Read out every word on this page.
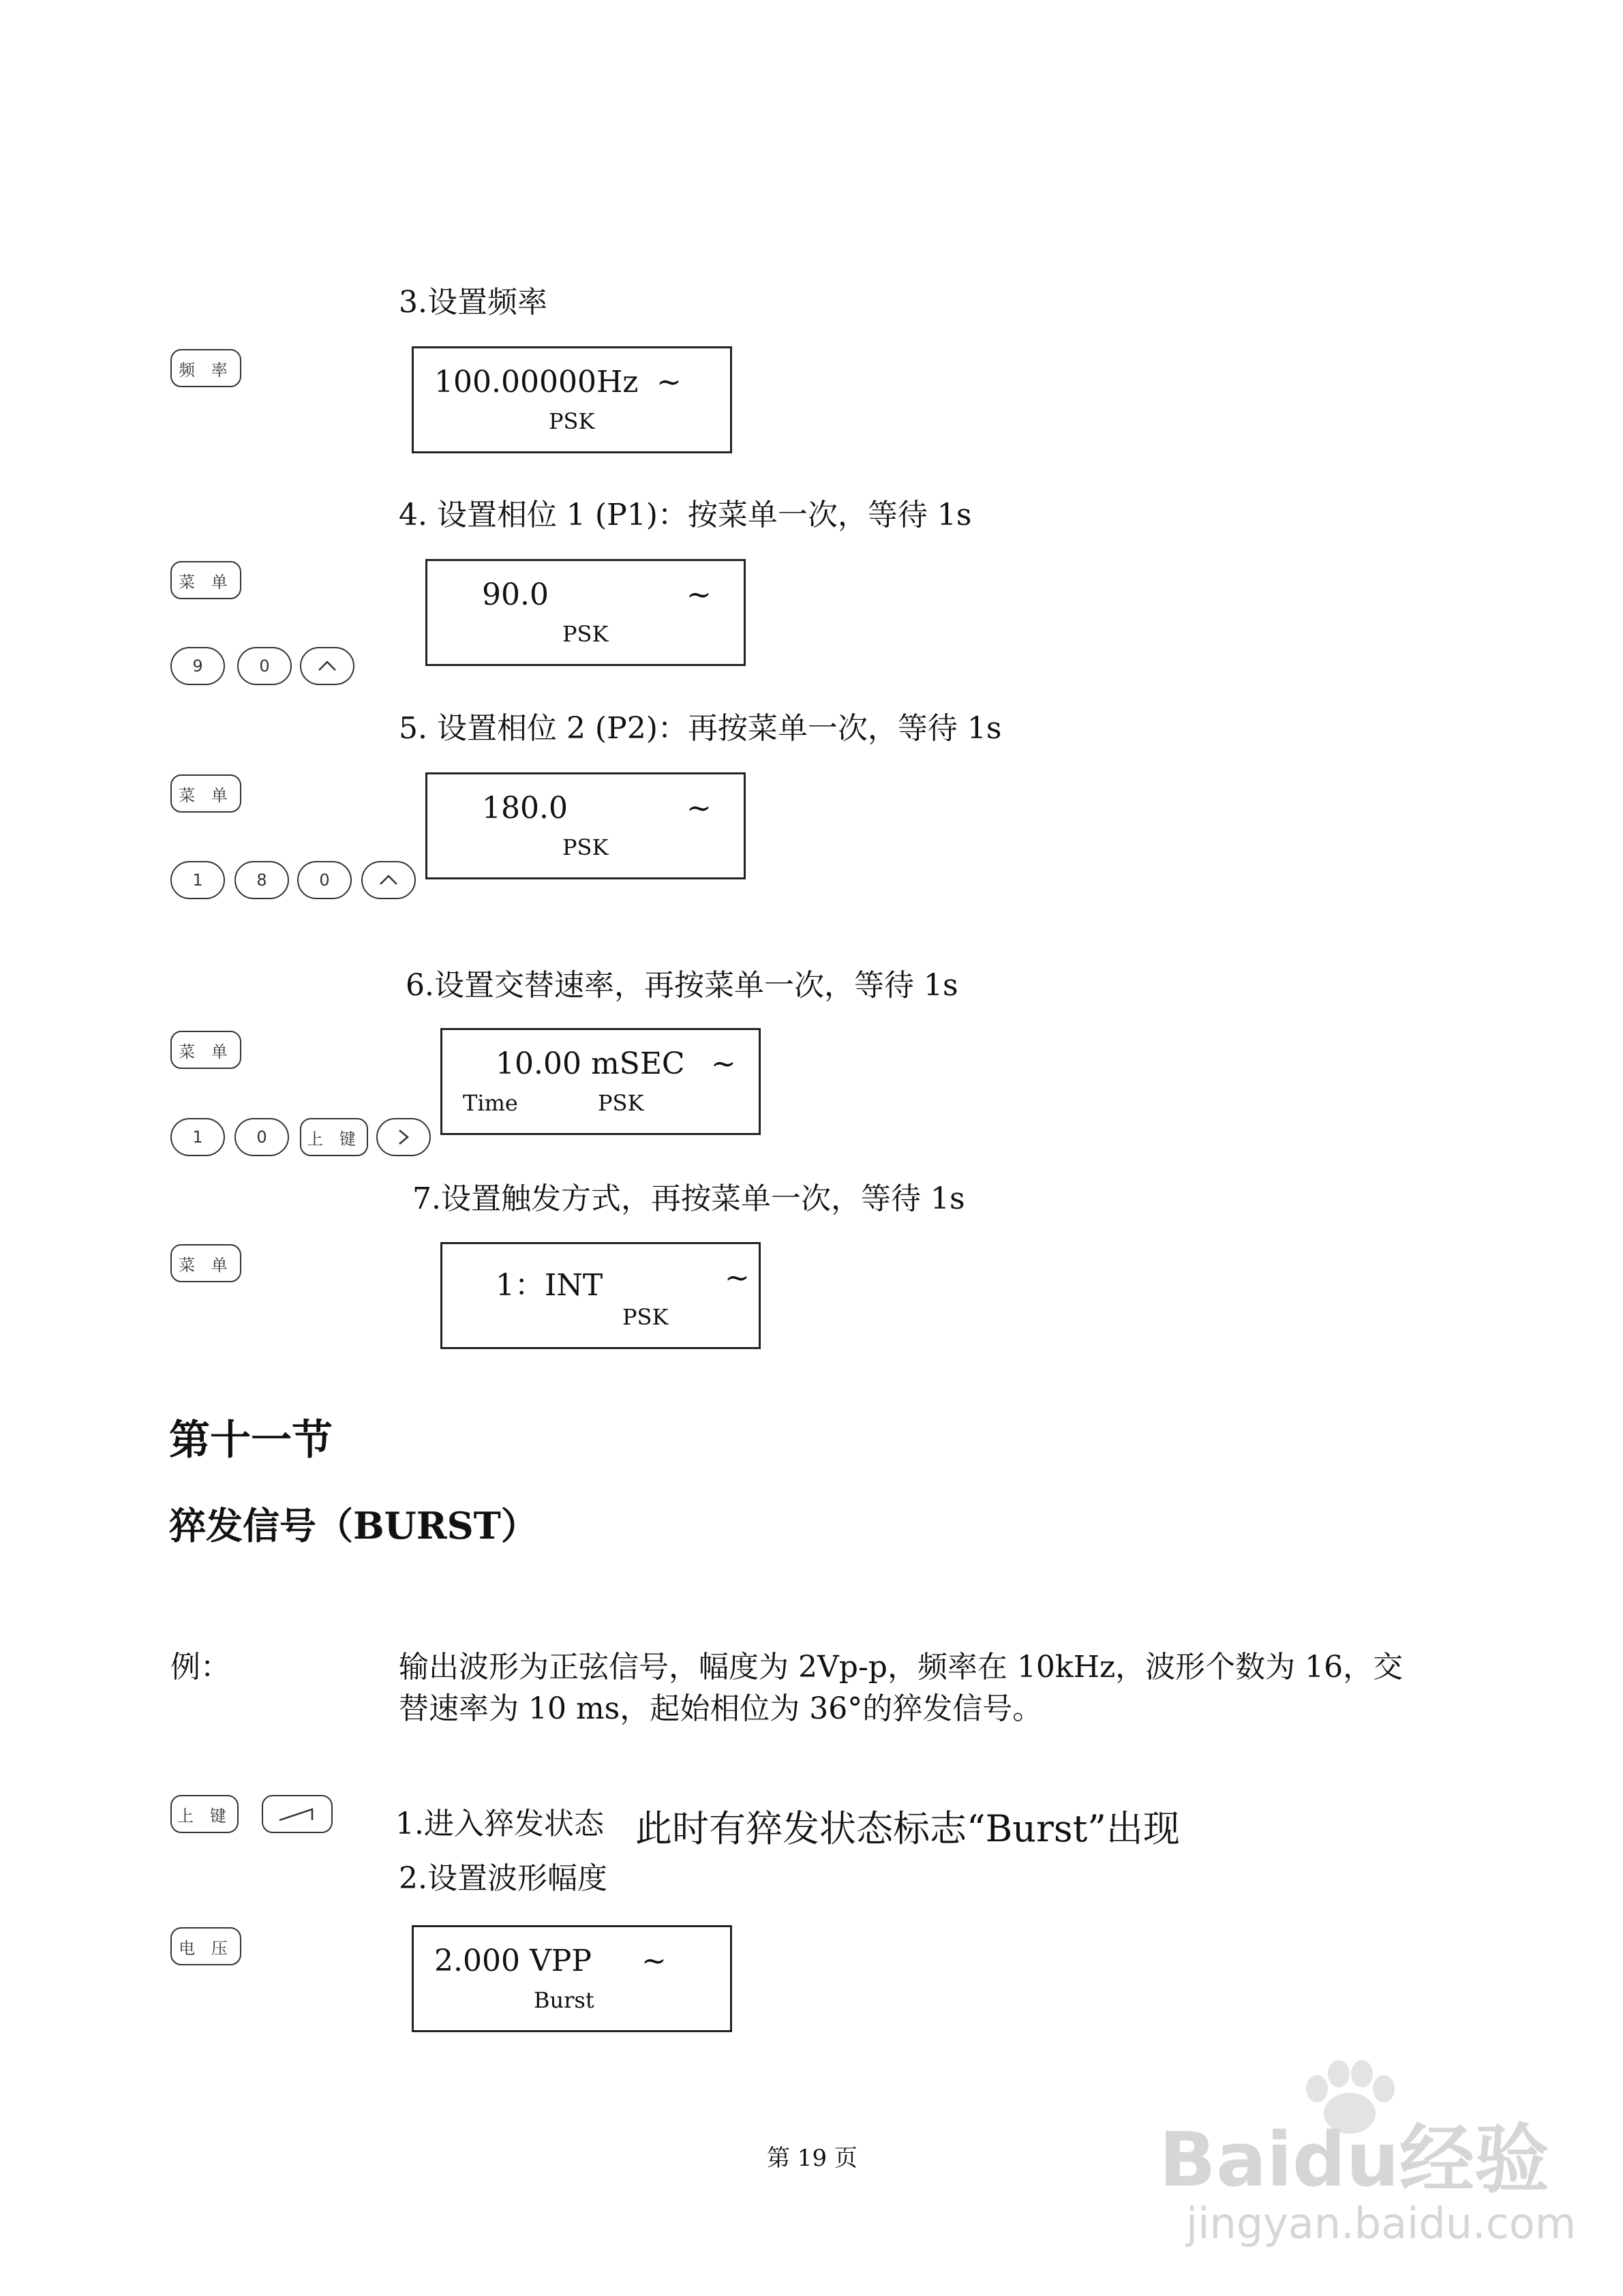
3.设置频率
频 率	100.00000Hz ~
PSK
4. 设置相位 1 (P1)：按菜单一次，等待 1s
菜 单
9	0
90.0	~
PSK
5. 设置相位 2 (P2)：再按菜单一次，等待 1s
菜 单
1	8	0
180.0	~
PSK
6.设置交替速率，再按菜单一次，等待 1s
菜 单
1	0	上 键
10.00 mSEC ~
Time	PSK
7.设置触发方式，再按菜单一次，等待 1s
菜 单
1：INT	~
PSK
第十一节
猝发信号（BURST）
例：	输出波形为正弦信号，幅度为 2Vp-p，频率在 10kHz，波形个数为 16，交
替速率为 10 ms，起始相位为 36°的猝发信号。
上 键	1.进入猝发状态 此时有猝发状态标志“Burst”出现
2.设置波形幅度
电 压	2.000 VPP ~
Burst
第 19 页	Baidu经验
jingyan.baidu.com
